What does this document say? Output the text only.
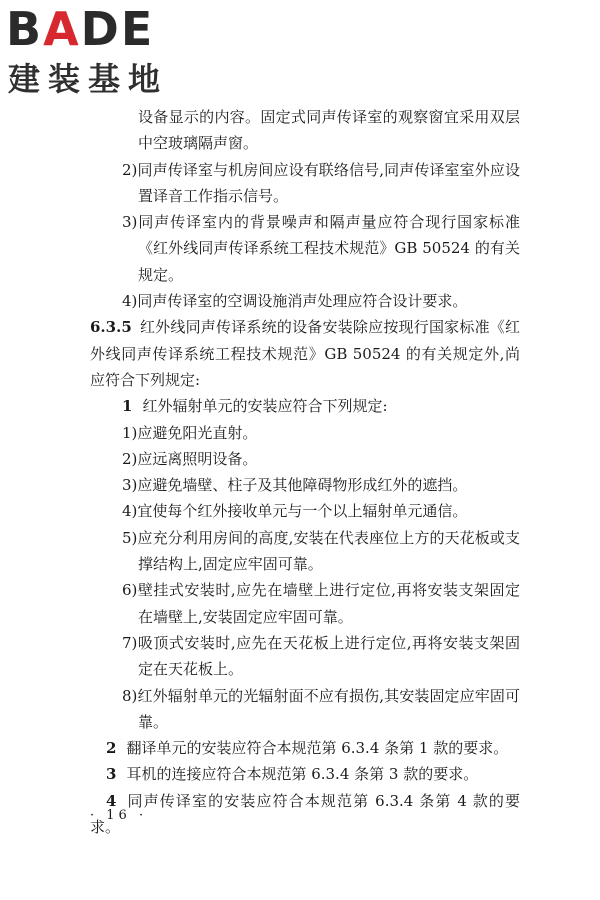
BADE
建装基地

设备显示的内容。固定式同声传译室的观察窗宜采用双层中空玻璃隔声窗。

2)同声传译室与机房间应设有联络信号,同声传译室室外应设置译音工作指示信号。

3)同声传译室内的背景噪声和隔声量应符合现行国家标准《红外线同声传译系统工程技术规范》GB 50524 的有关规定。

4)同声传译室的空调设施消声处理应符合设计要求。

6.3.5 红外线同声传译系统的设备安装除应按现行国家标准《红外线同声传译系统工程技术规范》GB 50524 的有关规定外,尚应符合下列规定:

1 红外辐射单元的安装应符合下列规定:

1)应避免阳光直射。

2)应远离照明设备。

3)应避免墙壁、柱子及其他障碍物形成红外的遮挡。

4)宜使每个红外接收单元与一个以上辐射单元通信。

5)应充分利用房间的高度,安装在代表座位上方的天花板或支撑结构上,固定应牢固可靠。

6)壁挂式安装时,应先在墙壁上进行定位,再将安装支架固定在墙壁上,安装固定应牢固可靠。

7)吸顶式安装时,应先在天花板上进行定位,再将安装支架固定在天花板上。

8)红外辐射单元的光辐射面不应有损伤,其安装固定应牢固可靠。

2 翻译单元的安装应符合本规范第 6.3.4 条第 1 款的要求。

3 耳机的连接应符合本规范第 6.3.4 条第 3 款的要求。

4 同声传译室的安装应符合本规范第 6.3.4 条第 4 款的要求。

· 16 ·
